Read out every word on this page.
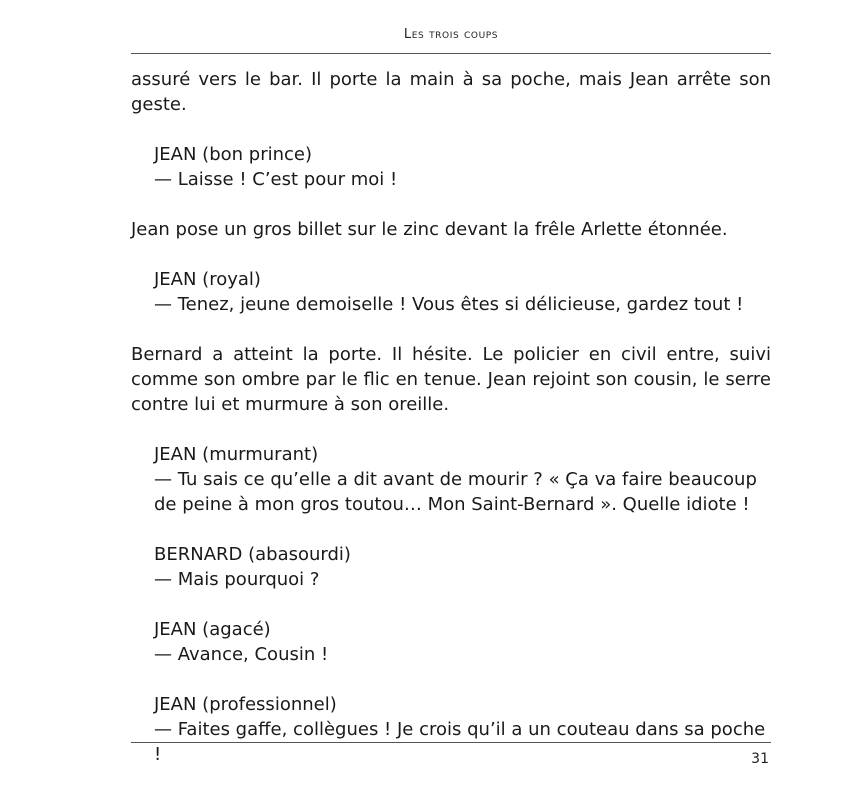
Les trois coups

assuré vers le bar. Il porte la main à sa poche, mais Jean arrête son geste.

JEAN (bon prince)
— Laisse ! C’est pour moi !

Jean pose un gros billet sur le zinc devant la frêle Arlette étonnée.

JEAN (royal)
— Tenez, jeune demoiselle ! Vous êtes si délicieuse, gardez tout !

Bernard a atteint la porte. Il hésite. Le policier en civil entre, suivi comme son ombre par le flic en tenue. Jean rejoint son cousin, le serre contre lui et murmure à son oreille.

JEAN (murmurant)
— Tu sais ce qu’elle a dit avant de mourir ? « Ça va faire beaucoup de peine à mon gros toutou… Mon Saint-Bernard ». Quelle idiote !
BERNARD (abasourdi)
— Mais pourquoi ?
JEAN (agacé)
— Avance, Cousin !
JEAN (professionnel)
— Faites gaffe, collègues ! Je crois qu’il a un couteau dans sa poche !	31
